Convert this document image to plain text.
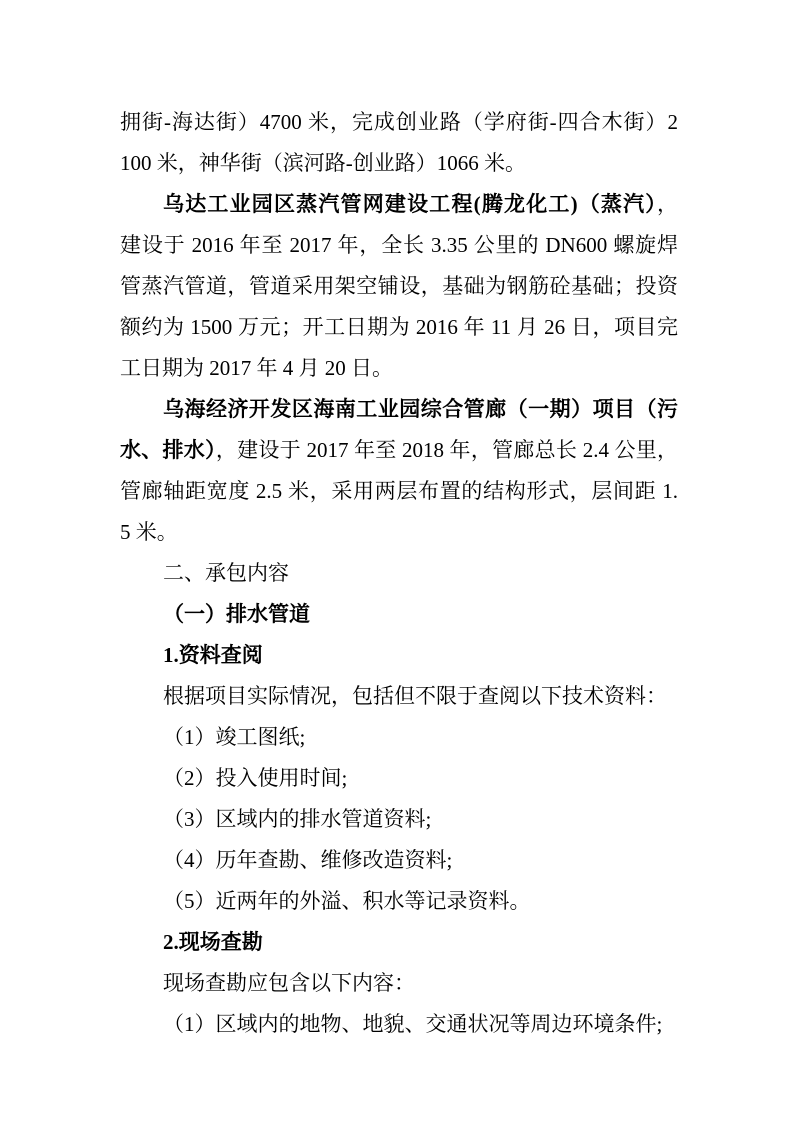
拥街-海达街）4700 米，完成创业路（学府街-四合木街）2
100 米，神华街（滨河路-创业路）1066 米。
乌达工业园区蒸汽管网建设工程(腾龙化工)（蒸汽），
建设于 2016 年至 2017 年，全长 3.35 公里的 DN600 螺旋焊
管蒸汽管道，管道采用架空铺设，基础为钢筋砼基础；投资
额约为 1500 万元；开工日期为 2016 年 11 月 26 日，项目完
工日期为 2017 年 4 月 20 日。
乌海经济开发区海南工业园综合管廊（一期）项目（污
水、排水），建设于 2017 年至 2018 年，管廊总长 2.4 公里，
管廊轴距宽度 2.5 米，采用两层布置的结构形式，层间距 1.
5 米。
二、承包内容
（一）排水管道
1.资料查阅
根据项目实际情况，包括但不限于查阅以下技术资料：
（1）竣工图纸;
（2）投入使用时间;
（3）区域内的排水管道资料;
（4）历年查勘、维修改造资料;
（5）近两年的外溢、积水等记录资料。
2.现场查勘
现场查勘应包含以下内容：
（1）区域内的地物、地貌、交通状况等周边环境条件;
